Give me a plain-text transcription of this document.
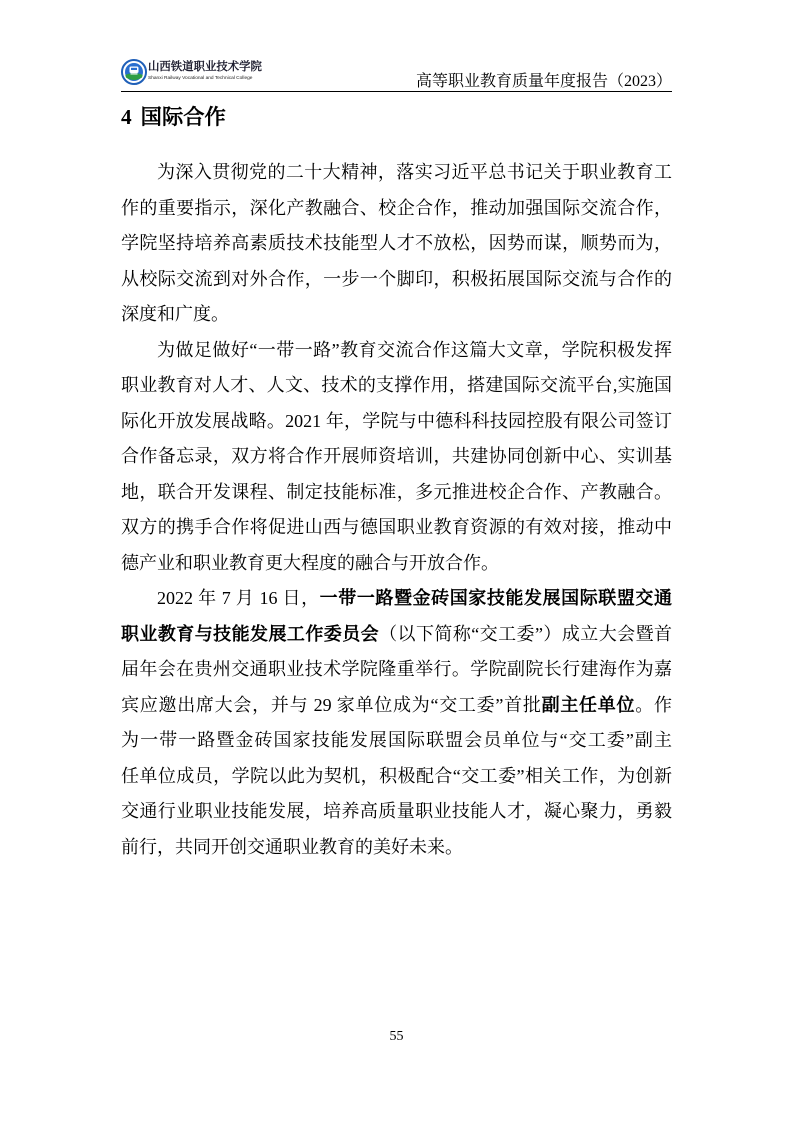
山西铁道职业技术学院
Shanxi Railway Vocational and Technical College	高等职业教育质量年度报告（2023）
4 国际合作
为深入贯彻党的二十大精神，落实习近平总书记关于职业教育工
作的重要指示，深化产教融合、校企合作，推动加强国际交流合作，
学院坚持培养高素质技术技能型人才不放松，因势而谋，顺势而为，
从校际交流到对外合作，一步一个脚印，积极拓展国际交流与合作的
深度和广度。
为做足做好“一带一路”教育交流合作这篇大文章，学院积极发挥
职业教育对人才、人文、技术的支撑作用，搭建国际交流平台,实施国
际化开放发展战略。2021 年，学院与中德科科技园控股有限公司签订
合作备忘录，双方将合作开展师资培训，共建协同创新中心、实训基
地，联合开发课程、制定技能标准，多元推进校企合作、产教融合。
双方的携手合作将促进山西与德国职业教育资源的有效对接，推动中
德产业和职业教育更大程度的融合与开放合作。
2022 年 7 月 16 日，一带一路暨金砖国家技能发展国际联盟交通
职业教育与技能发展工作委员会（以下简称“交工委”）成立大会暨首
届年会在贵州交通职业技术学院隆重举行。学院副院长行建海作为嘉
宾应邀出席大会，并与 29 家单位成为“交工委”首批副主任单位。作
为一带一路暨金砖国家技能发展国际联盟会员单位与“交工委”副主
任单位成员，学院以此为契机，积极配合“交工委”相关工作，为创新
交通行业职业技能发展，培养高质量职业技能人才，凝心聚力，勇毅
前行，共同开创交通职业教育的美好未来。
55
